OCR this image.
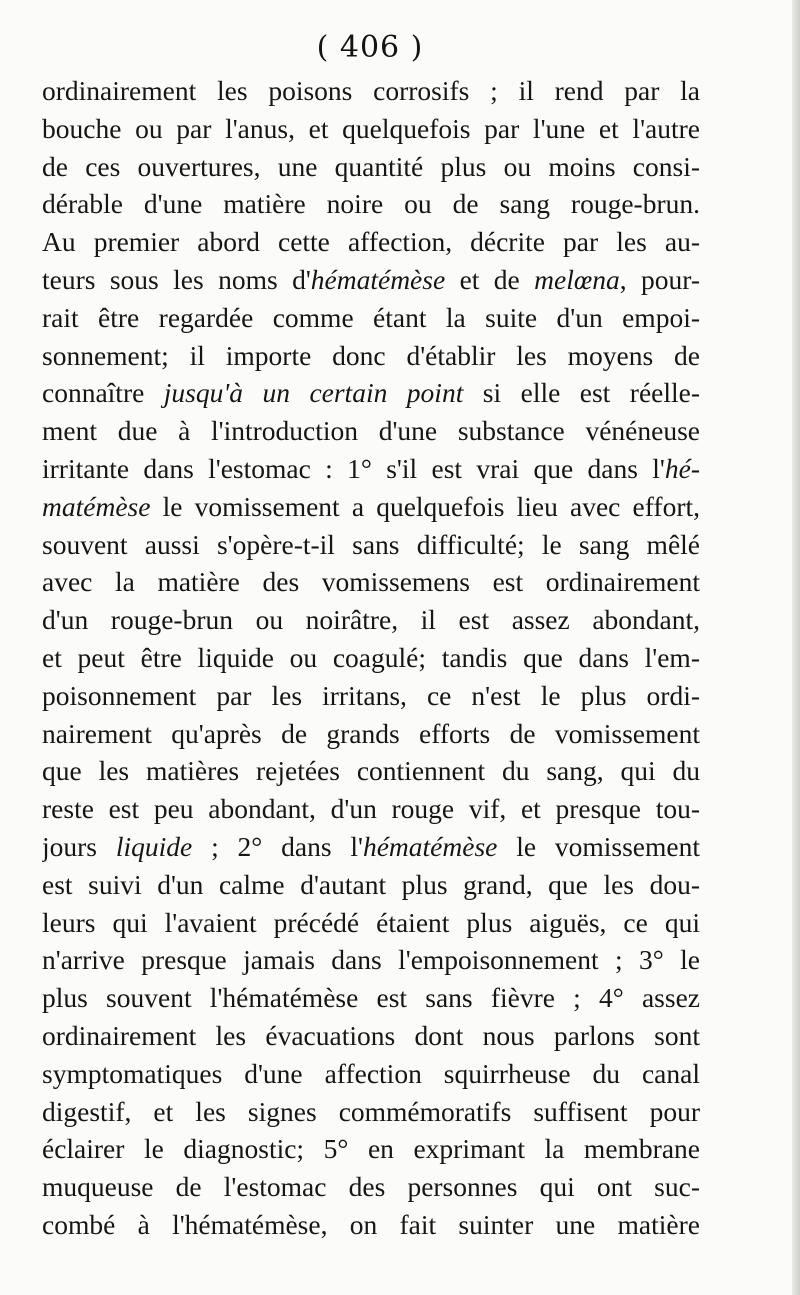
( 406 )
ordinairement les poisons corrosifs ; il rend par la
bouche ou par l'anus, et quelquefois par l'une et l'autre
de ces ouvertures, une quantité plus ou moins consi-
dérable d'une matière noire ou de sang rouge-brun.
Au premier abord cette affection, décrite par les au-
teurs sous les noms d'hématémèse et de melœna, pour-
rait être regardée comme étant la suite d'un empoi-
sonnement; il importe donc d'établir les moyens de
connaître jusqu'à un certain point si elle est réelle-
ment due à l'introduction d'une substance vénéneuse
irritante dans l'estomac : 1° s'il est vrai que dans l'hé-
matémèse le vomissement a quelquefois lieu avec effort,
souvent aussi s'opère-t-il sans difficulté; le sang mêlé
avec la matière des vomissemens est ordinairement
d'un rouge-brun ou noirâtre, il est assez abondant,
et peut être liquide ou coagulé; tandis que dans l'em-
poisonnement par les irritans, ce n'est le plus ordi-
nairement qu'après de grands efforts de vomissement
que les matières rejetées contiennent du sang, qui du
reste est peu abondant, d'un rouge vif, et presque tou-
jours liquide ; 2° dans l'hématémèse le vomissement
est suivi d'un calme d'autant plus grand, que les dou-
leurs qui l'avaient précédé étaient plus aiguës, ce qui
n'arrive presque jamais dans l'empoisonnement ; 3° le
plus souvent l'hématémèse est sans fièvre ; 4° assez
ordinairement les évacuations dont nous parlons sont
symptomatiques d'une affection squirrheuse du canal
digestif, et les signes commémoratifs suffisent pour
éclairer le diagnostic; 5° en exprimant la membrane
muqueuse de l'estomac des personnes qui ont suc-
combé à l'hématémèse, on fait suinter une matière
